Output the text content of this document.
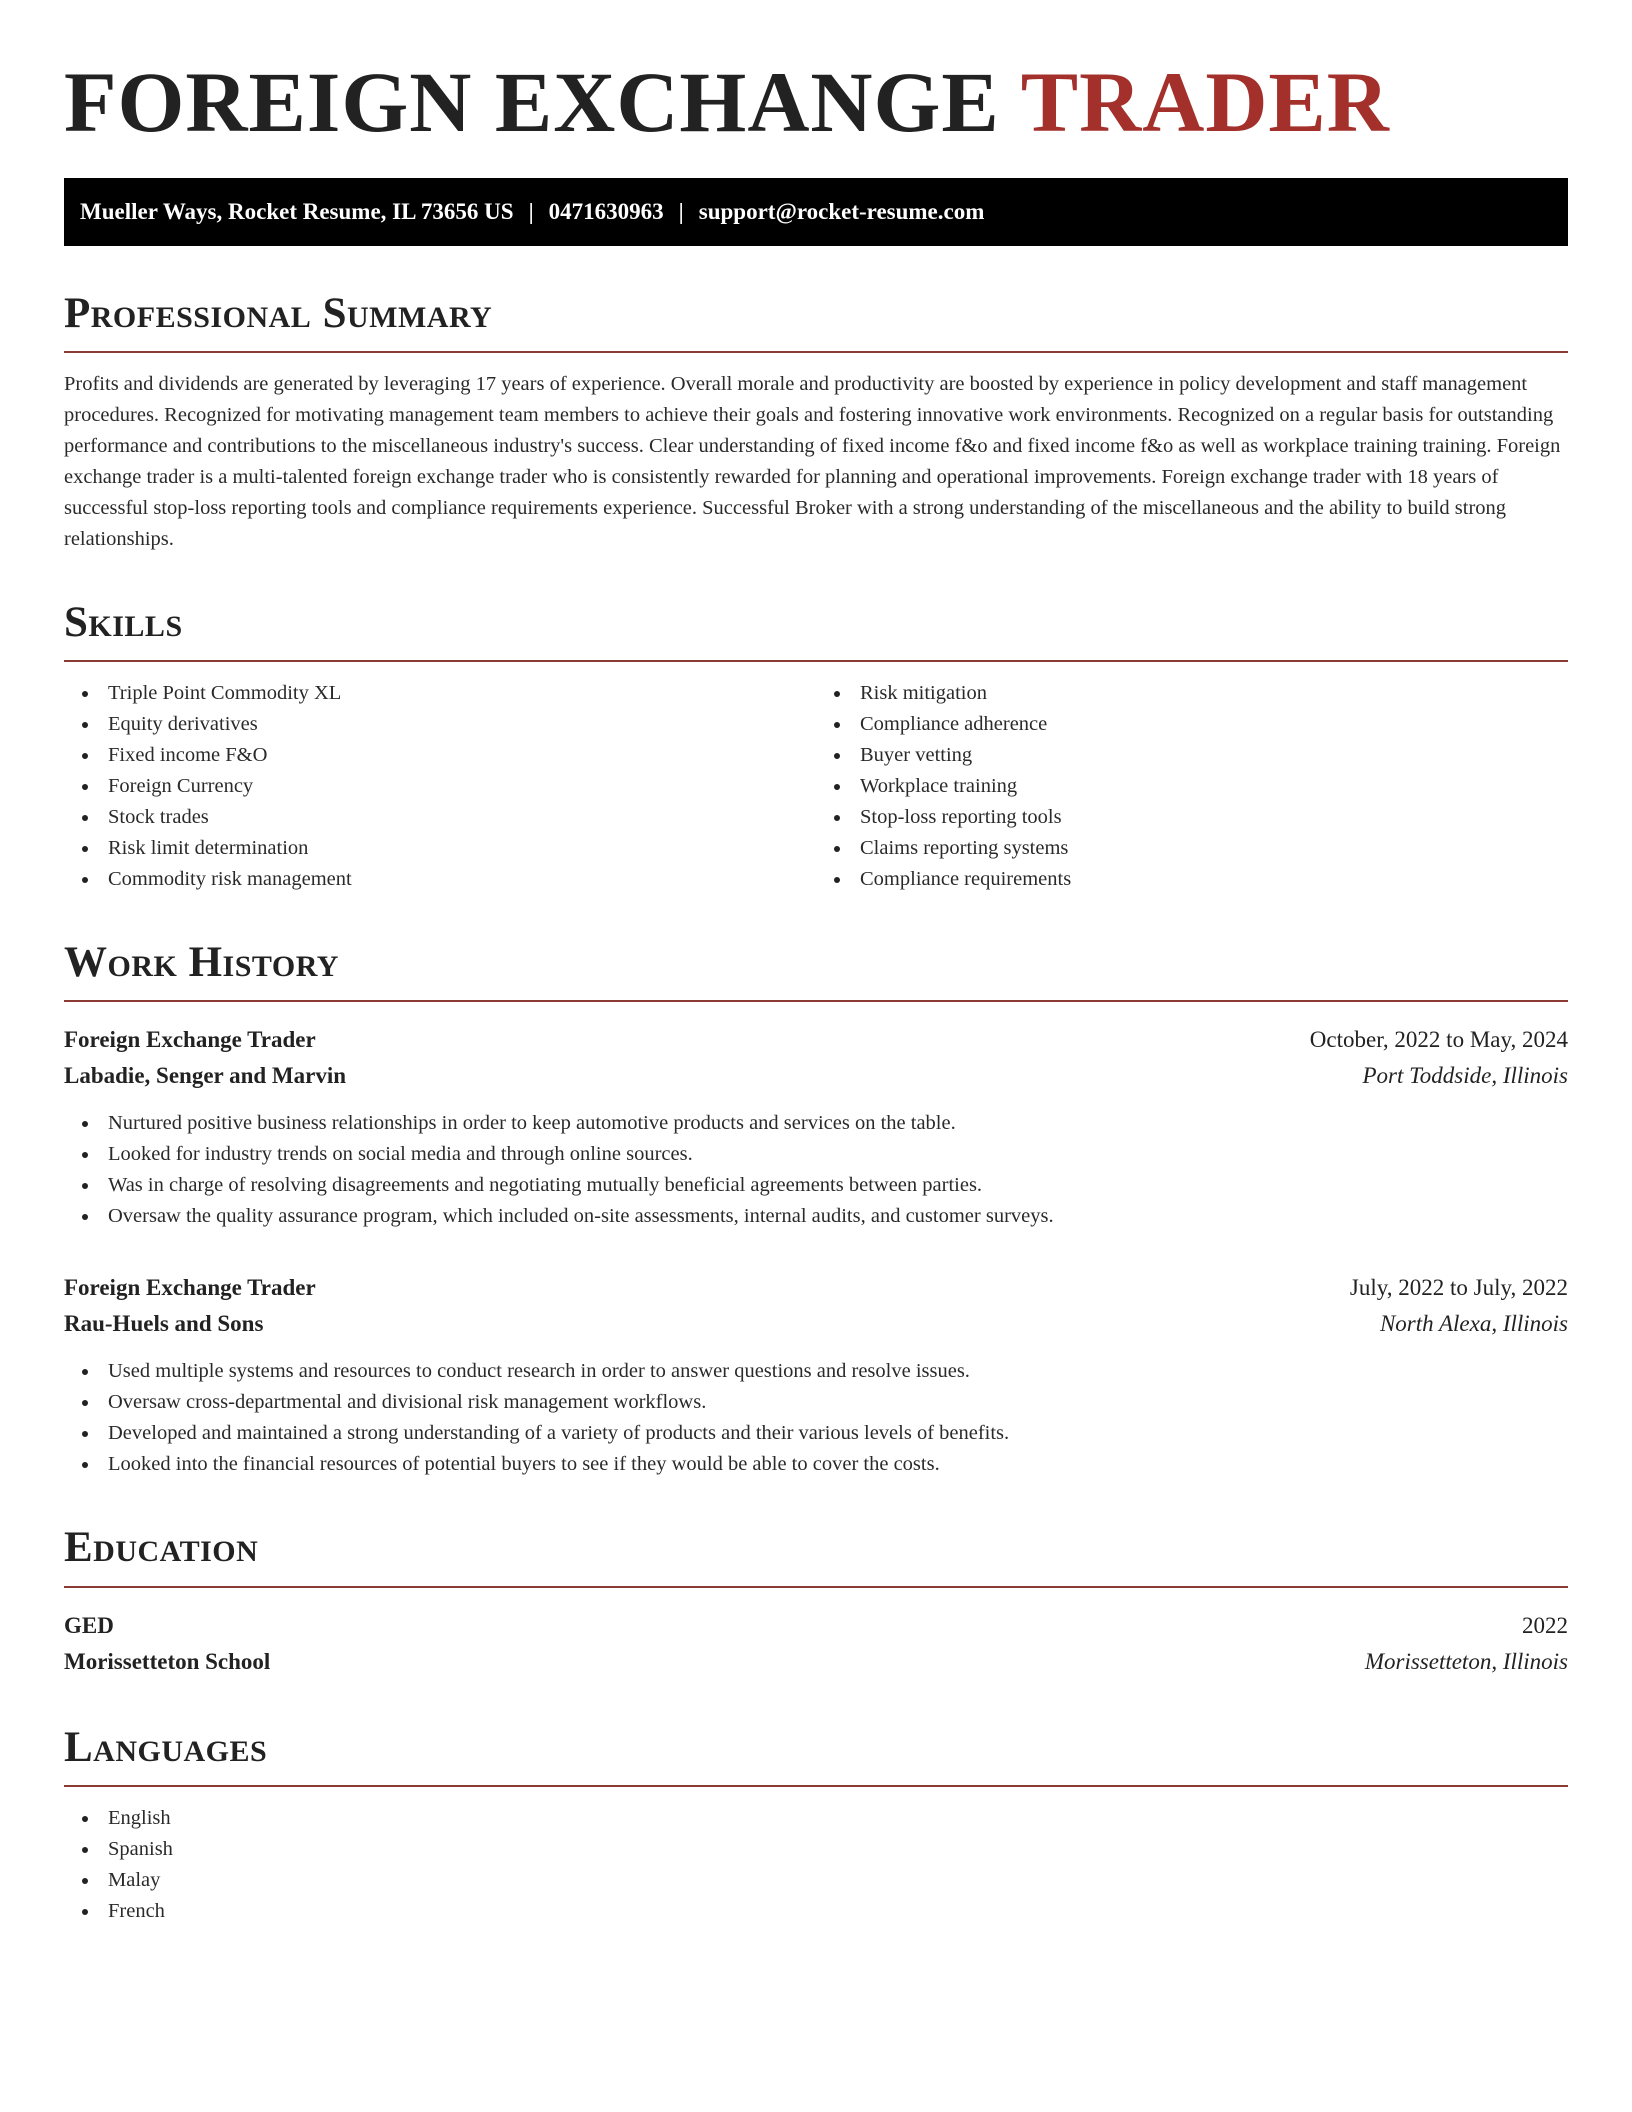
FOREIGN EXCHANGE TRADER
Mueller Ways, Rocket Resume, IL 73656 US | 0471630963 | support@rocket-resume.com
Professional Summary

Profits and dividends are generated by leveraging 17 years of experience. Overall morale and productivity are boosted by experience in policy development and staff management procedures. Recognized for motivating management team members to achieve their goals and fostering innovative work environments. Recognized on a regular basis for outstanding performance and contributions to the miscellaneous industry's success. Clear understanding of fixed income f&o and fixed income f&o as well as workplace training training. Foreign exchange trader is a multi-talented foreign exchange trader who is consistently rewarded for planning and operational improvements. Foreign exchange trader with 18 years of successful stop-loss reporting tools and compliance requirements experience. Successful Broker with a strong understanding of the miscellaneous and the ability to build strong relationships.

Skills
Triple Point Commodity XL
Equity derivatives
Fixed income F&O
Foreign Currency
Stock trades
Risk limit determination
Commodity risk management
Risk mitigation
Compliance adherence
Buyer vetting
Workplace training
Stop-loss reporting tools
Claims reporting systems
Compliance requirements
Work History
Foreign Exchange Trader	October, 2022 to May, 2024
Labadie, Senger and Marvin	Port Toddside, Illinois
Nurtured positive business relationships in order to keep automotive products and services on the table.
Looked for industry trends on social media and through online sources.
Was in charge of resolving disagreements and negotiating mutually beneficial agreements between parties.
Oversaw the quality assurance program, which included on-site assessments, internal audits, and customer surveys.
Foreign Exchange Trader	July, 2022 to July, 2022
Rau-Huels and Sons	North Alexa, Illinois
Used multiple systems and resources to conduct research in order to answer questions and resolve issues.
Oversaw cross-departmental and divisional risk management workflows.
Developed and maintained a strong understanding of a variety of products and their various levels of benefits.
Looked into the financial resources of potential buyers to see if they would be able to cover the costs.
Education
GED	2022
Morissetteton School	Morissetteton, Illinois
Languages
English
Spanish
Malay
French
